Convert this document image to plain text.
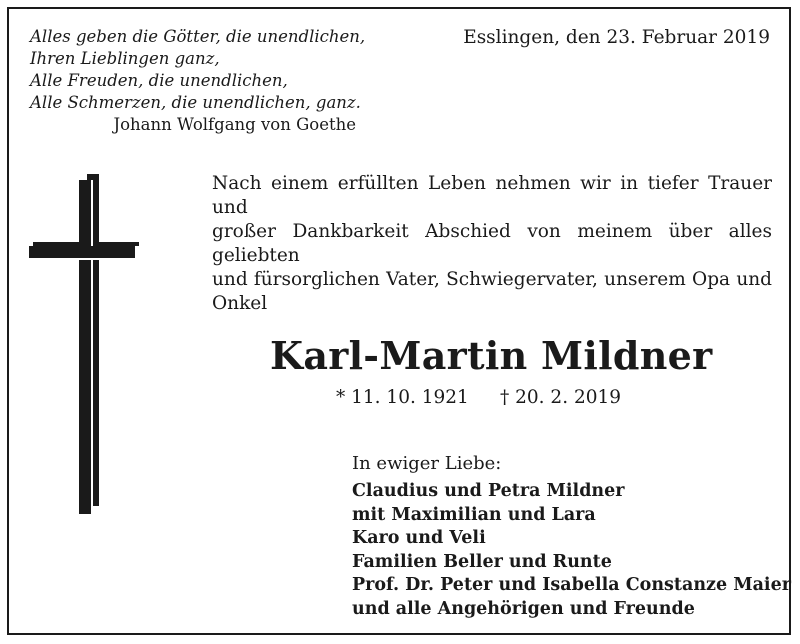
Alles geben die Götter, die unendlichen,
Ihren Lieblingen ganz,
Alle Freuden, die unendlichen,
Alle Schmerzen, die unendlichen, ganz.
Johann Wolfgang von Goethe
Esslingen, den 23. Februar 2019
Nach einem erfüllten Leben nehmen wir in tiefer Trauer und
großer Dankbarkeit Abschied von meinem über alles geliebten
und fürsorglichen Vater, Schwiegervater, unserem Opa und
Onkel
Karl-Martin Mildner
* 11. 10. 1921 † 20. 2. 2019
In ewiger Liebe:
Claudius und Petra Mildner
mit Maximilian und Lara
Karo und Veli
Familien Beller und Runte
Prof. Dr. Peter und Isabella Constanze Maier
und alle Angehörigen und Freunde
